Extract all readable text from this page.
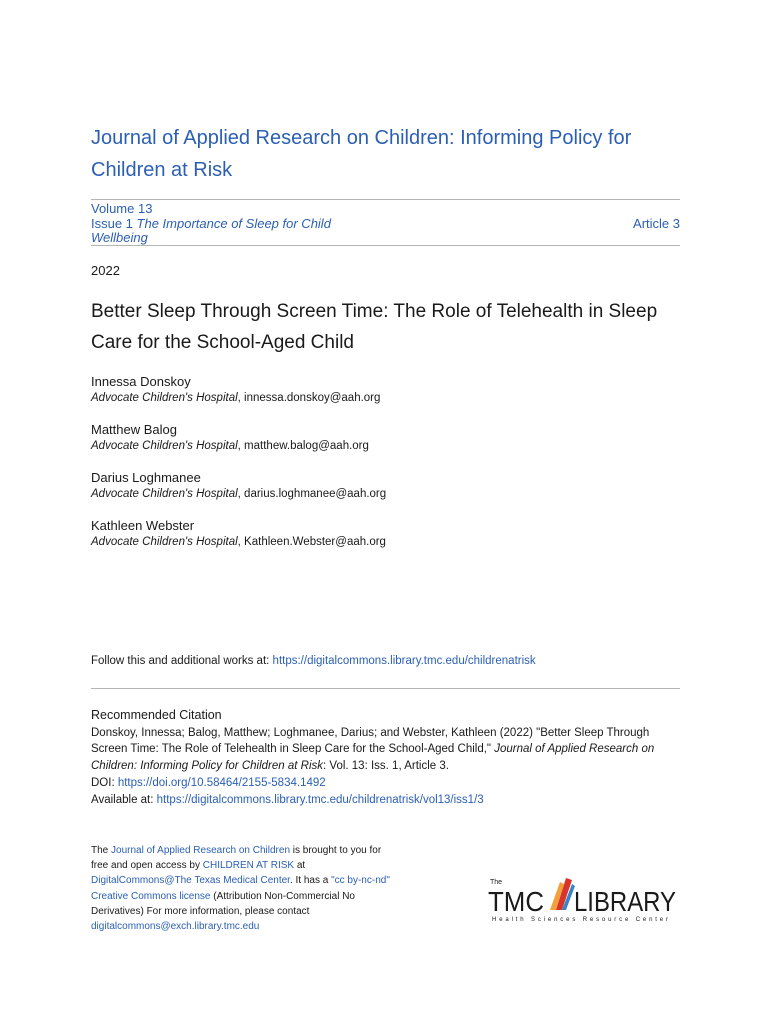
Journal of Applied Research on Children: Informing Policy for Children at Risk
Volume 13
Issue 1 The Importance of Sleep for Child Wellbeing
Article 3
2022
Better Sleep Through Screen Time: The Role of Telehealth in Sleep Care for the School-Aged Child
Innessa Donskoy
Advocate Children's Hospital, innessa.donskoy@aah.org
Matthew Balog
Advocate Children's Hospital, matthew.balog@aah.org
Darius Loghmanee
Advocate Children's Hospital, darius.loghmanee@aah.org
Kathleen Webster
Advocate Children's Hospital, Kathleen.Webster@aah.org
Follow this and additional works at: https://digitalcommons.library.tmc.edu/childrenatrisk
Recommended Citation
Donskoy, Innessa; Balog, Matthew; Loghmanee, Darius; and Webster, Kathleen (2022) "Better Sleep Through Screen Time: The Role of Telehealth in Sleep Care for the School-Aged Child," Journal of Applied Research on Children: Informing Policy for Children at Risk: Vol. 13: Iss. 1, Article 3.
DOI: https://doi.org/10.58464/2155-5834.1492
Available at: https://digitalcommons.library.tmc.edu/childrenatrisk/vol13/iss1/3
The Journal of Applied Research on Children is brought to you for free and open access by CHILDREN AT RISK at DigitalCommons@The Texas Medical Center. It has a "cc by-nc-nd" Creative Commons license (Attribution Non-Commercial No Derivatives) For more information, please contact digitalcommons@exch.library.tmc.edu
The
TMC LIBRARY
Health Sciences Resource Center
